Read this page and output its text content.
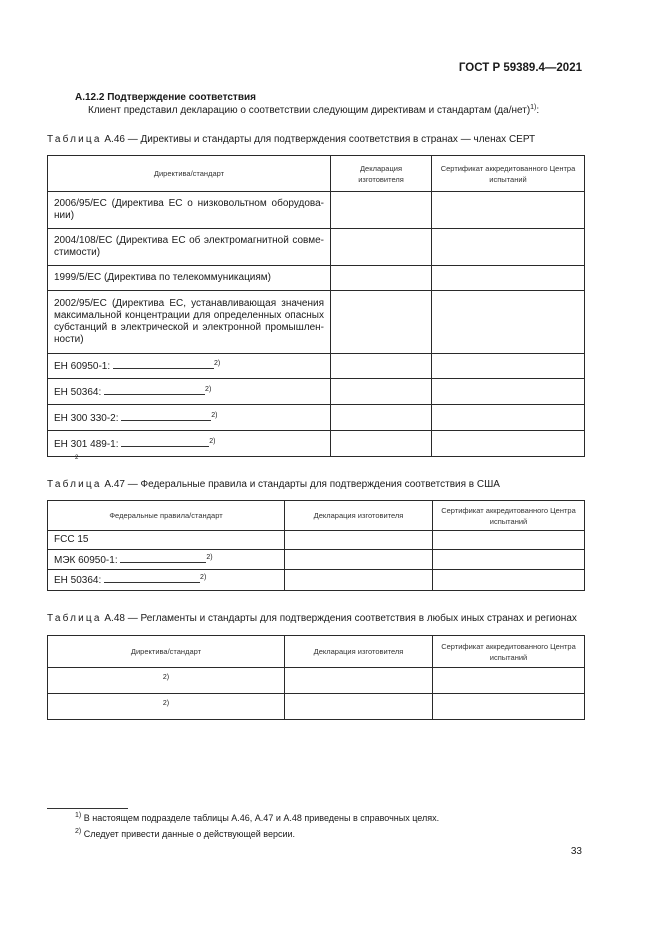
ГОСТ Р 59389.4—2021
А.12.2 Подтверждение соответствия
Клиент представил декларацию о соответствии следующим директивам и стандартам $(да/нет)^{1)}$:
Таблица А.46 — Директивы и стандарты для подтверждения соответствия в странах — членах СЕРТ
Директива/стандарт	Декларация изготовителя	Сертификат аккредитованного Центра испытаний
2006/95/ЕС (Директива ЕС о низковольтном оборудова-нии)		
2004/108/ЕС (Директива ЕС об электромагнитной совме-стимости)		
1999/5/ЕС (Директива по телекоммуникациям)		
2002/95/ЕС (Директива ЕС, устанавливающая значения максимальной концентрации для определенных опасных субстанций в электрической и электронной промышлен-ности)		
ЕН 60950-1: $^{2)}$		
ЕН 50364: $^{2)}$		
ЕН 300 330-2: $^{2)}$		
ЕН 301 489-1: $^{2)}$		
2
Таблица А.47 — Федеральные правила и стандарты для подтверждения соответствия в США
Федеральные правила/стандарт	Декларация изготовителя	Сертификат аккредитованного Центра испытаний
FCC 15		
МЭК 60950-1: $^{2)}$		
ЕН 50364: $^{2)}$		
Таблица А.48 — Регламенты и стандарты для подтверждения соответствия в любых иных странах и регионах
Директива/стандарт	Декларация изготовителя	Сертификат аккредитованного Центра испытаний
$^{2)}$		
$^{2)}$		
$^{1)}$ В настоящем подразделе таблицы А.46, А.47 и А.48 приведены в справочных целях.
$^{2)}$ Следует привести данные о действующей версии.
33
